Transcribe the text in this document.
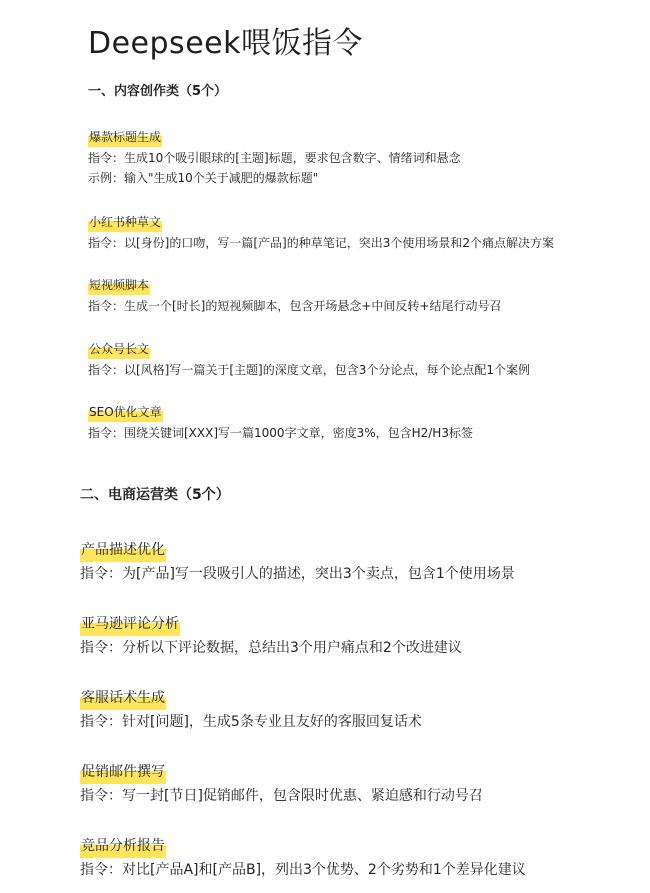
Deepseek喂饭指令
一、内容创作类（5个）
爆款标题生成
指令：生成10个吸引眼球的[主题]标题，要求包含数字、情绪词和悬念
示例：输入"生成10个关于减肥的爆款标题"
小红书种草文
指令：以[身份]的口吻，写一篇[产品]的种草笔记，突出3个使用场景和2个痛点解决方案
短视频脚本
指令：生成一个[时长]的短视频脚本，包含开场悬念+中间反转+结尾行动号召
公众号长文
指令：以[风格]写一篇关于[主题]的深度文章，包含3个分论点，每个论点配1个案例
SEO优化文章
指令：围绕关键词[XXX]写一篇1000字文章，密度3%，包含H2/H3标签
二、电商运营类（5个）
产品描述优化
指令：为[产品]写一段吸引人的描述，突出3个卖点，包含1个使用场景
亚马逊评论分析
指令：分析以下评论数据，总结出3个用户痛点和2个改进建议
客服话术生成
指令：针对[问题]，生成5条专业且友好的客服回复话术
促销邮件撰写
指令：写一封[节日]促销邮件，包含限时优惠、紧迫感和行动号召
竞品分析报告
指令：对比[产品A]和[产品B]，列出3个优势、2个劣势和1个差异化建议
